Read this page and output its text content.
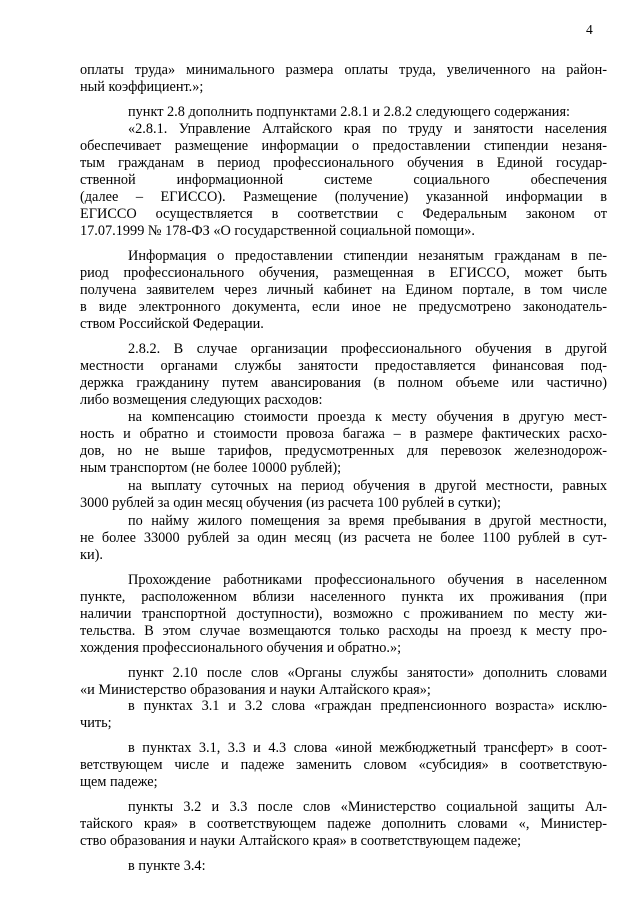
4
оплаты труда» минимального размера оплаты труда, увеличенного на район-
ный коэффициент.»;
пункт 2.8 дополнить подпунктами 2.8.1 и 2.8.2 следующего содержания:
«2.8.1. Управление Алтайского края по труду и занятости населения
обеспечивает размещение информации о предоставлении стипендии незаня-
тым гражданам в период профессионального обучения в Единой государ-
ственной информационной системе социального обеспечения
(далее – ЕГИССО). Размещение (получение) указанной информации в
ЕГИССО осуществляется в соответствии с Федеральным законом от
17.07.1999 № 178-ФЗ «О государственной социальной помощи».
Информация о предоставлении стипендии незанятым гражданам в пе-
риод профессионального обучения, размещенная в ЕГИССО, может быть
получена заявителем через личный кабинет на Едином портале, в том числе
в виде электронного документа, если иное не предусмотрено законодатель-
ством Российской Федерации.
2.8.2. В случае организации профессионального обучения в другой
местности органами службы занятости предоставляется финансовая под-
держка гражданину путем авансирования (в полном объеме или частично)
либо возмещения следующих расходов:
на компенсацию стоимости проезда к месту обучения в другую мест-
ность и обратно и стоимости провоза багажа – в размере фактических расхо-
дов, но не выше тарифов, предусмотренных для перевозок железнодорож-
ным транспортом (не более 10000 рублей);
на выплату суточных на период обучения в другой местности, равных
3000 рублей за один месяц обучения (из расчета 100 рублей в сутки);
по найму жилого помещения за время пребывания в другой местности,
не более 33000 рублей за один месяц (из расчета не более 1100 рублей в сут-
ки).
Прохождение работниками профессионального обучения в населенном
пункте, расположенном вблизи населенного пункта их проживания (при
наличии транспортной доступности), возможно с проживанием по месту жи-
тельства. В этом случае возмещаются только расходы на проезд к месту про-
хождения профессионального обучения и обратно.»;
пункт 2.10 после слов «Органы службы занятости» дополнить словами
«и Министерство образования и науки Алтайского края»;
в пунктах 3.1 и 3.2 слова «граждан предпенсионного возраста» исклю-
чить;
в пунктах 3.1, 3.3 и 4.3 слова «иной межбюджетный трансферт» в соот-
ветствующем числе и падеже заменить словом «субсидия» в соответствую-
щем падеже;
пункты 3.2 и 3.3 после слов «Министерство социальной защиты Ал-
тайского края» в соответствующем падеже дополнить словами «, Министер-
ство образования и науки Алтайского края» в соответствующем падеже;
в пункте 3.4:
